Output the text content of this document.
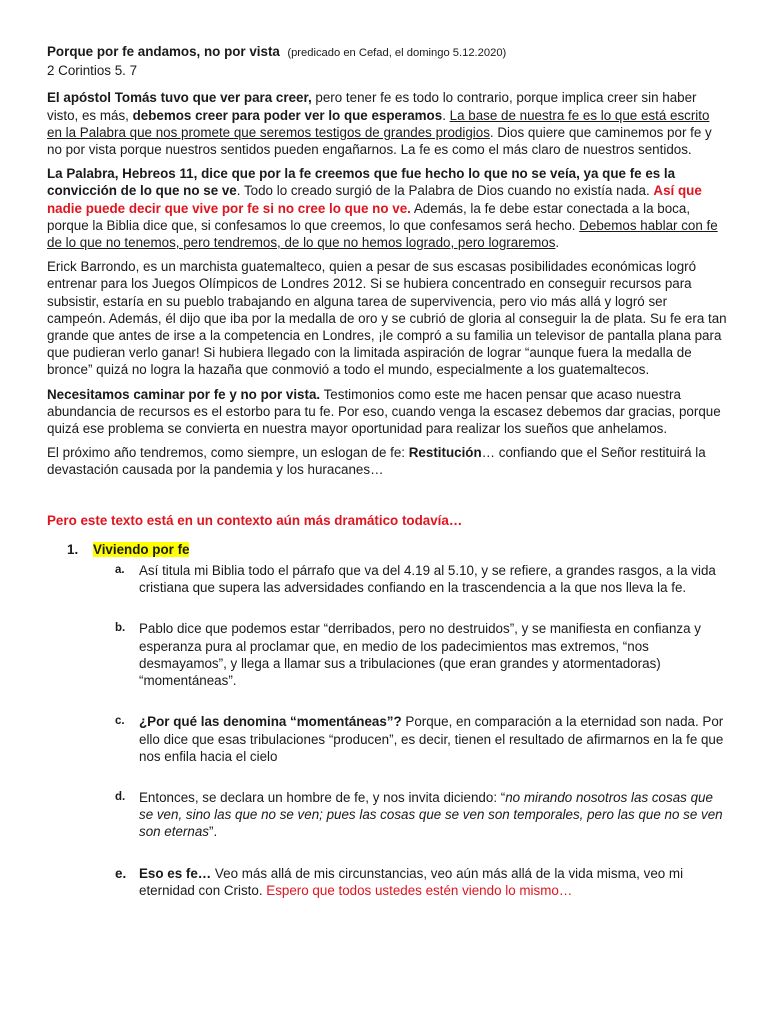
Porque por fe andamos, no por vista (predicado en Cefad, el domingo 5.12.2020)

2 Corintios 5. 7

El apóstol Tomás tuvo que ver para creer, pero tener fe es todo lo contrario, porque implica creer sin haber visto, es más, debemos creer para poder ver lo que esperamos. La base de nuestra fe es lo que está escrito en la Palabra que nos promete que seremos testigos de grandes prodigios. Dios quiere que caminemos por fe y no por vista porque nuestros sentidos pueden engañarnos. La fe es como el más claro de nuestros sentidos.

La Palabra, Hebreos 11, dice que por la fe creemos que fue hecho lo que no se veía, ya que fe es la convicción de lo que no se ve. Todo lo creado surgió de la Palabra de Dios cuando no existía nada. Así que nadie puede decir que vive por fe si no cree lo que no ve. Además, la fe debe estar conectada a la boca, porque la Biblia dice que, si confesamos lo que creemos, lo que confesamos será hecho. Debemos hablar con fe de lo que no tenemos, pero tendremos, de lo que no hemos logrado, pero lograremos.

Erick Barrondo, es un marchista guatemalteco, quien a pesar de sus escasas posibilidades económicas logró entrenar para los Juegos Olímpicos de Londres 2012. Si se hubiera concentrado en conseguir recursos para subsistir, estaría en su pueblo trabajando en alguna tarea de supervivencia, pero vio más allá y logró ser campeón. Además, él dijo que iba por la medalla de oro y se cubrió de gloria al conseguir la de plata. Su fe era tan grande que antes de irse a la competencia en Londres, ¡le compró a su familia un televisor de pantalla plana para que pudieran verlo ganar! Si hubiera llegado con la limitada aspiración de lograr “aunque fuera la medalla de bronce” quizá no logra la hazaña que conmovió a todo el mundo, especialmente a los guatemaltecos.

Necesitamos caminar por fe y no por vista. Testimonios como este me hacen pensar que acaso nuestra abundancia de recursos es el estorbo para tu fe. Por eso, cuando venga la escasez debemos dar gracias, porque quizá ese problema se convierta en nuestra mayor oportunidad para realizar los sueños que anhelamos.

El próximo año tendremos, como siempre, un eslogan de fe: Restitución… confiando que el Señor restituirá la devastación causada por la pandemia y los huracanes…

Pero este texto está en un contexto aún más dramático todavía…

1. Viviendo por fe
a. Así titula mi Biblia todo el párrafo que va del 4.19 al 5.10, y se refiere, a grandes rasgos, a la vida cristiana que supera las adversidades confiando en la trascendencia a la que nos lleva la fe.

b. Pablo dice que podemos estar “derribados, pero no destruidos”, y se manifiesta en confianza y esperanza pura al proclamar que, en medio de los padecimientos mas extremos, “nos desmayamos”, y llega a llamar sus a tribulaciones (que eran grandes y atormentadoras) “momentáneas”.

c. ¿Por qué las denomina “momentáneas”? Porque, en comparación a la eternidad son nada. Por ello dice que esas tribulaciones “producen”, es decir, tienen el resultado de afirmarnos en la fe que nos enfila hacia el cielo

d. Entonces, se declara un hombre de fe, y nos invita diciendo: “no mirando nosotros las cosas que se ven, sino las que no se ven; pues las cosas que se ven son temporales, pero las que no se ven son eternas”.

e. Eso es fe… Veo más allá de mis circunstancias, veo aún más allá de la vida misma, veo mi eternidad con Cristo. Espero que todos ustedes estén viendo lo mismo…
